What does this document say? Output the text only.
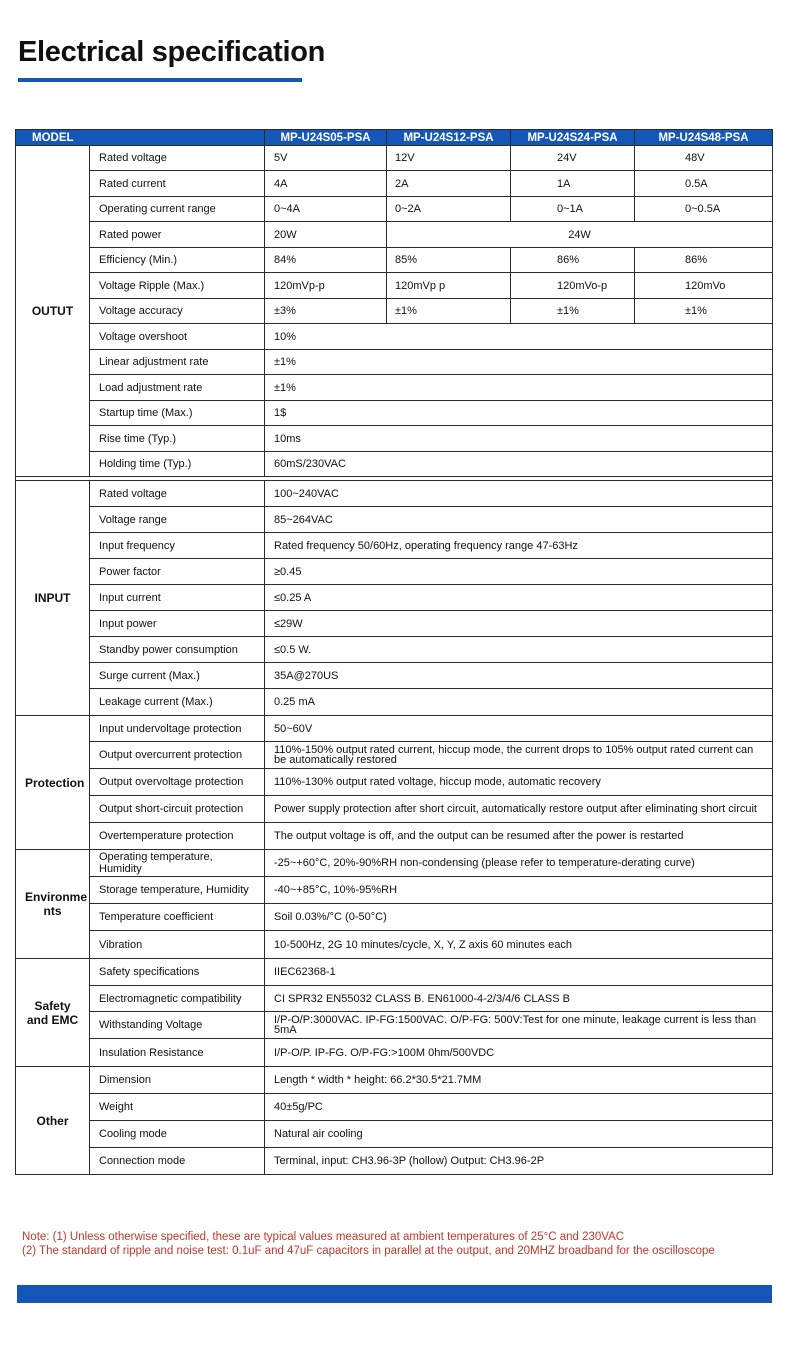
Electrical specification
MODEL		MP-U24S05-PSA	MP-U24S12-PSA	MP-U24S24-PSA	MP-U24S48-PSA
OUTUT	Rated voltage	5V	12V	24V	48V
	Rated current	4A	2A	1A	0.5A
	Operating current range	0~4A	0~2A	0~1A	0~0.5A
	Rated power	20W	24W		
	Efficiency (Min.)	84%	85%	86%	86%
	Voltage Ripple (Max.)	120mVp-p	120mVp p	120mVo-p	120mVo
	Voltage accuracy	±3%	±1%	±1%	±1%
	Voltage overshoot	10%			
	Linear adjustment rate	±1%			
	Load adjustment rate	±1%			
	Startup time (Max.)	1$			
	Rise time (Typ.)	10ms			
	Holding time (Typ.)	60mS/230VAC			

INPUT	Rated voltage	100~240VAC			
	Voltage range	85~264VAC			
	Input frequency	Rated frequency 50/60Hz, operating frequency range 47-63Hz			
	Power factor	≥0.45			
	Input current	≤0.25 A			
	Input power	≤29W			
	Standby power consumption	≤0.5 W.			
	Surge current (Max.)	35A@270US			
	Leakage current (Max.)	0.25 mA			
Protection	Input undervoltage protection	50~60V			
	Output overcurrent protection	110%-150% output rated current, hiccup mode, the current drops to 105% output rated current can be automatically restored			
	Output overvoltage protection	110%-130% output rated voltage, hiccup mode, automatic recovery			
	Output short-circuit protection	Power supply protection after short circuit, automatically restore output after eliminating short circuit			
	Overtemperature protection	The output voltage is off, and the output can be resumed after the power is restarted			
Environme nts	Operating temperature, Humidity	-25~+60°C, 20%-90%RH non-condensing (please refer to temperature-derating curve)			
	Storage temperature, Humidity	-40~+85°C, 10%-95%RH			
	Temperature coefficient	Soil 0.03%/°C (0-50°C)			
	Vibration	10-500Hz, 2G 10 minutes/cycle, X, Y, Z axis 60 minutes each			
Safety and EMC	Safety specifications	IIEC62368-1			
	Electromagnetic compatibility	CI SPR32 EN55032 CLASS B. EN61000-4-2/3/4/6 CLASS B			
	Withstanding Voltage	I/P-O/P:3000VAC. IP-FG:1500VAC. O/P-FG: 500V:Test for one minute, leakage current is less than 5mA			
	Insulation Resistance	I/P-O/P. IP-FG. O/P-FG:>100M 0hm/500VDC			
Other	Dimension	Length * width * height: 66.2*30.5*21.7MM			
	Weight	40±5g/PC			
	Cooling mode	Natural air cooling			
	Connection mode	Terminal, input: CH3.96-3P (hollow) Output: CH3.96-2P			
Note: (1) Unless otherwise specified, these are typical values measured at ambient temperatures of 25°C and 230VAC
(2) The standard of ripple and noise test: 0.1uF and 47uF capacitors in parallel at the output, and 20MHZ broadband for the oscilloscope
